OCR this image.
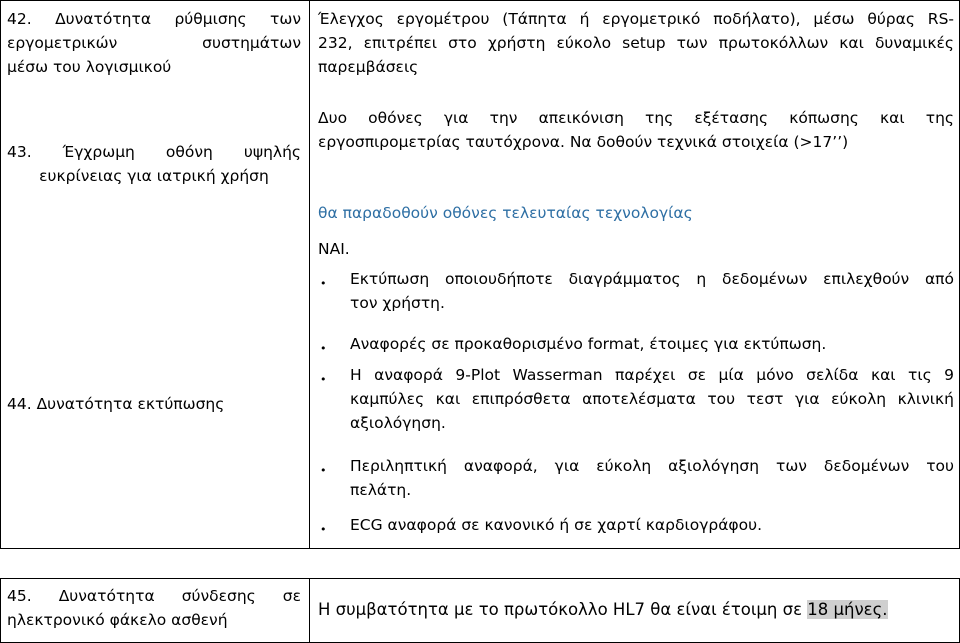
42. Δυνατότητα ρύθμισης των
εργομετρικών συστημάτων
μέσω του λογισμικού
Έλεγχος εργομέτρου (Τάπητα ή εργομετρικό ποδήλατο), μέσω θύρας RS-
232, επιτρέπει στο χρήστη εύκολο setup των πρωτοκόλλων και δυναμικές
παρεμβάσεις
43. Έγχρωμη οθόνη υψηλής
ευκρίνειας για ιατρική χρήση
Δυο οθόνες για την απεικόνιση της εξέτασης κόπωσης και της
εργοσπιρομετρίας ταυτόχρονα. Να δοθούν τεχνικά στοιχεία (>17’’)
θα παραδοθούν οθόνες τελευταίας τεχνολογίας
44. Δυνατότητα εκτύπωσης
ΝΑΙ.
• Εκτύπωση οποιουδήποτε διαγράμματος η δεδομένων επιλεχθούν από
τον χρήστη.
• Αναφορές σε προκαθορισμένο format, έτοιμες για εκτύπωση.
• Η αναφορά 9-Plot Wasserman παρέχει σε μία μόνο σελίδα και τις 9
καμπύλες και επιπρόσθετα αποτελέσματα του τεστ για εύκολη κλινική
αξιολόγηση.
• Περιληπτική αναφορά, για εύκολη αξιολόγηση των δεδομένων του
πελάτη.
• ECG αναφορά σε κανονικό ή σε χαρτί καρδιογράφου.
45. Δυνατότητα σύνδεσης σε
ηλεκτρονικό φάκελο ασθενή
Η συμβατότητα με το πρωτόκολλο HL7 θα είναι έτοιμη σε 18 μήνες.
